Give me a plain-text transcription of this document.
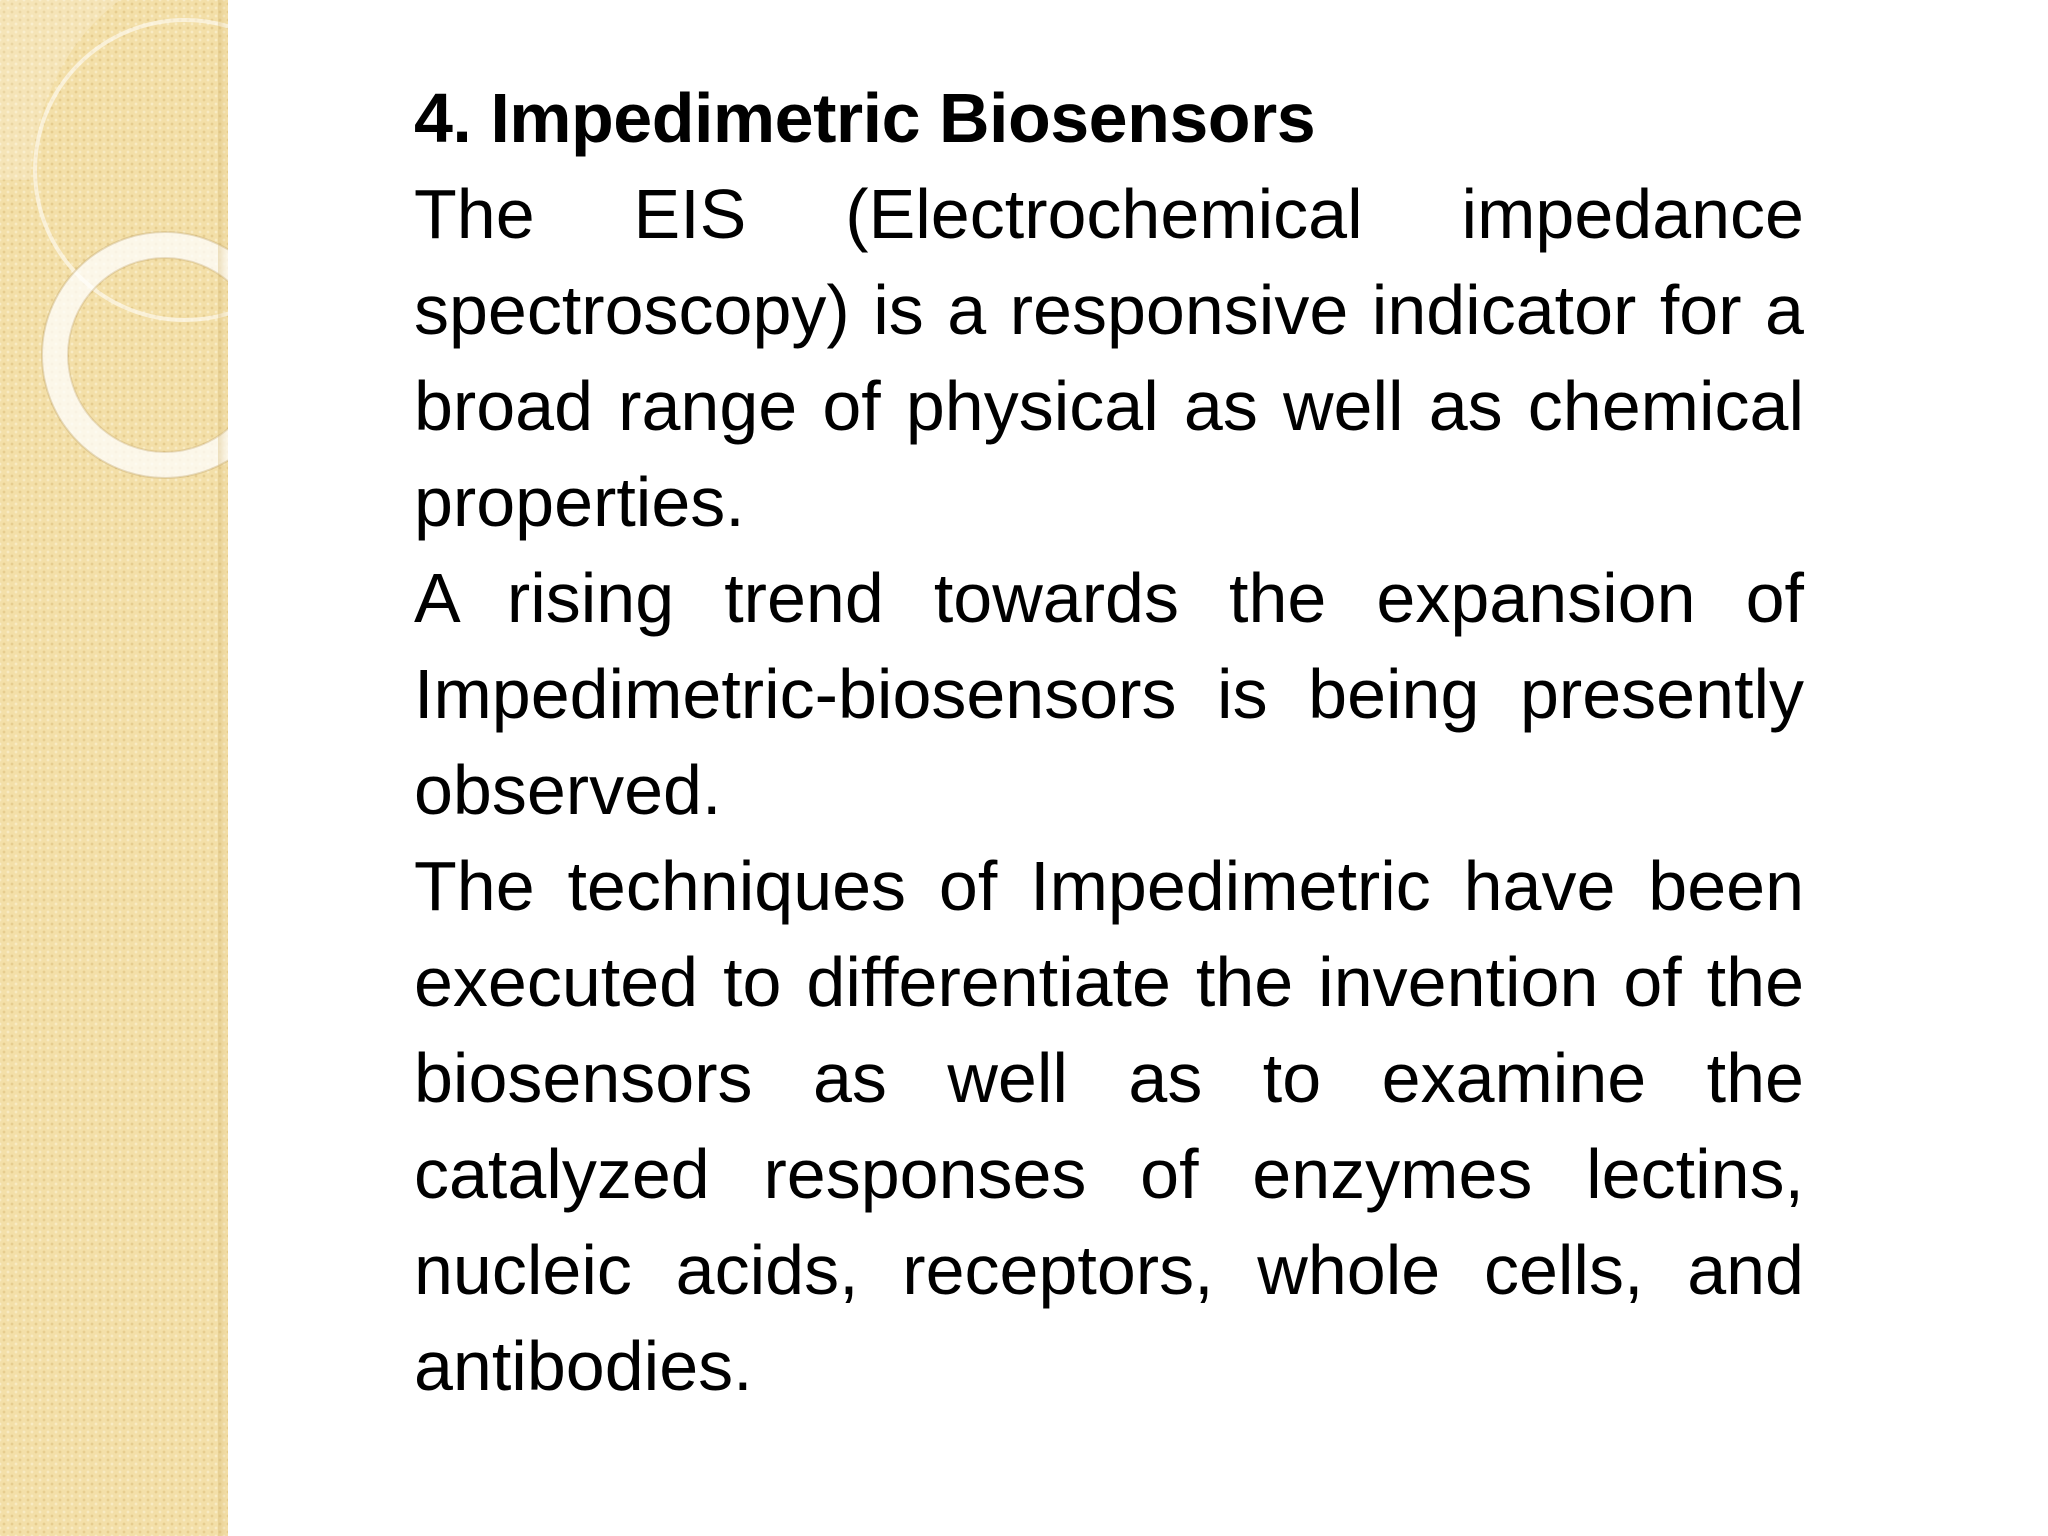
4. Impedimetric Biosensors

The EIS (Electrochemical impedance spectroscopy) is a responsive indicator for a broad range of physical as well as chemical properties.

A rising trend towards the expansion of Impedimetric-biosensors is being presently observed.

The techniques of Impedimetric have been executed to differentiate the invention of the biosensors as well as to examine the catalyzed responses of enzymes lectins, nucleic acids, receptors, whole cells, and antibodies.
